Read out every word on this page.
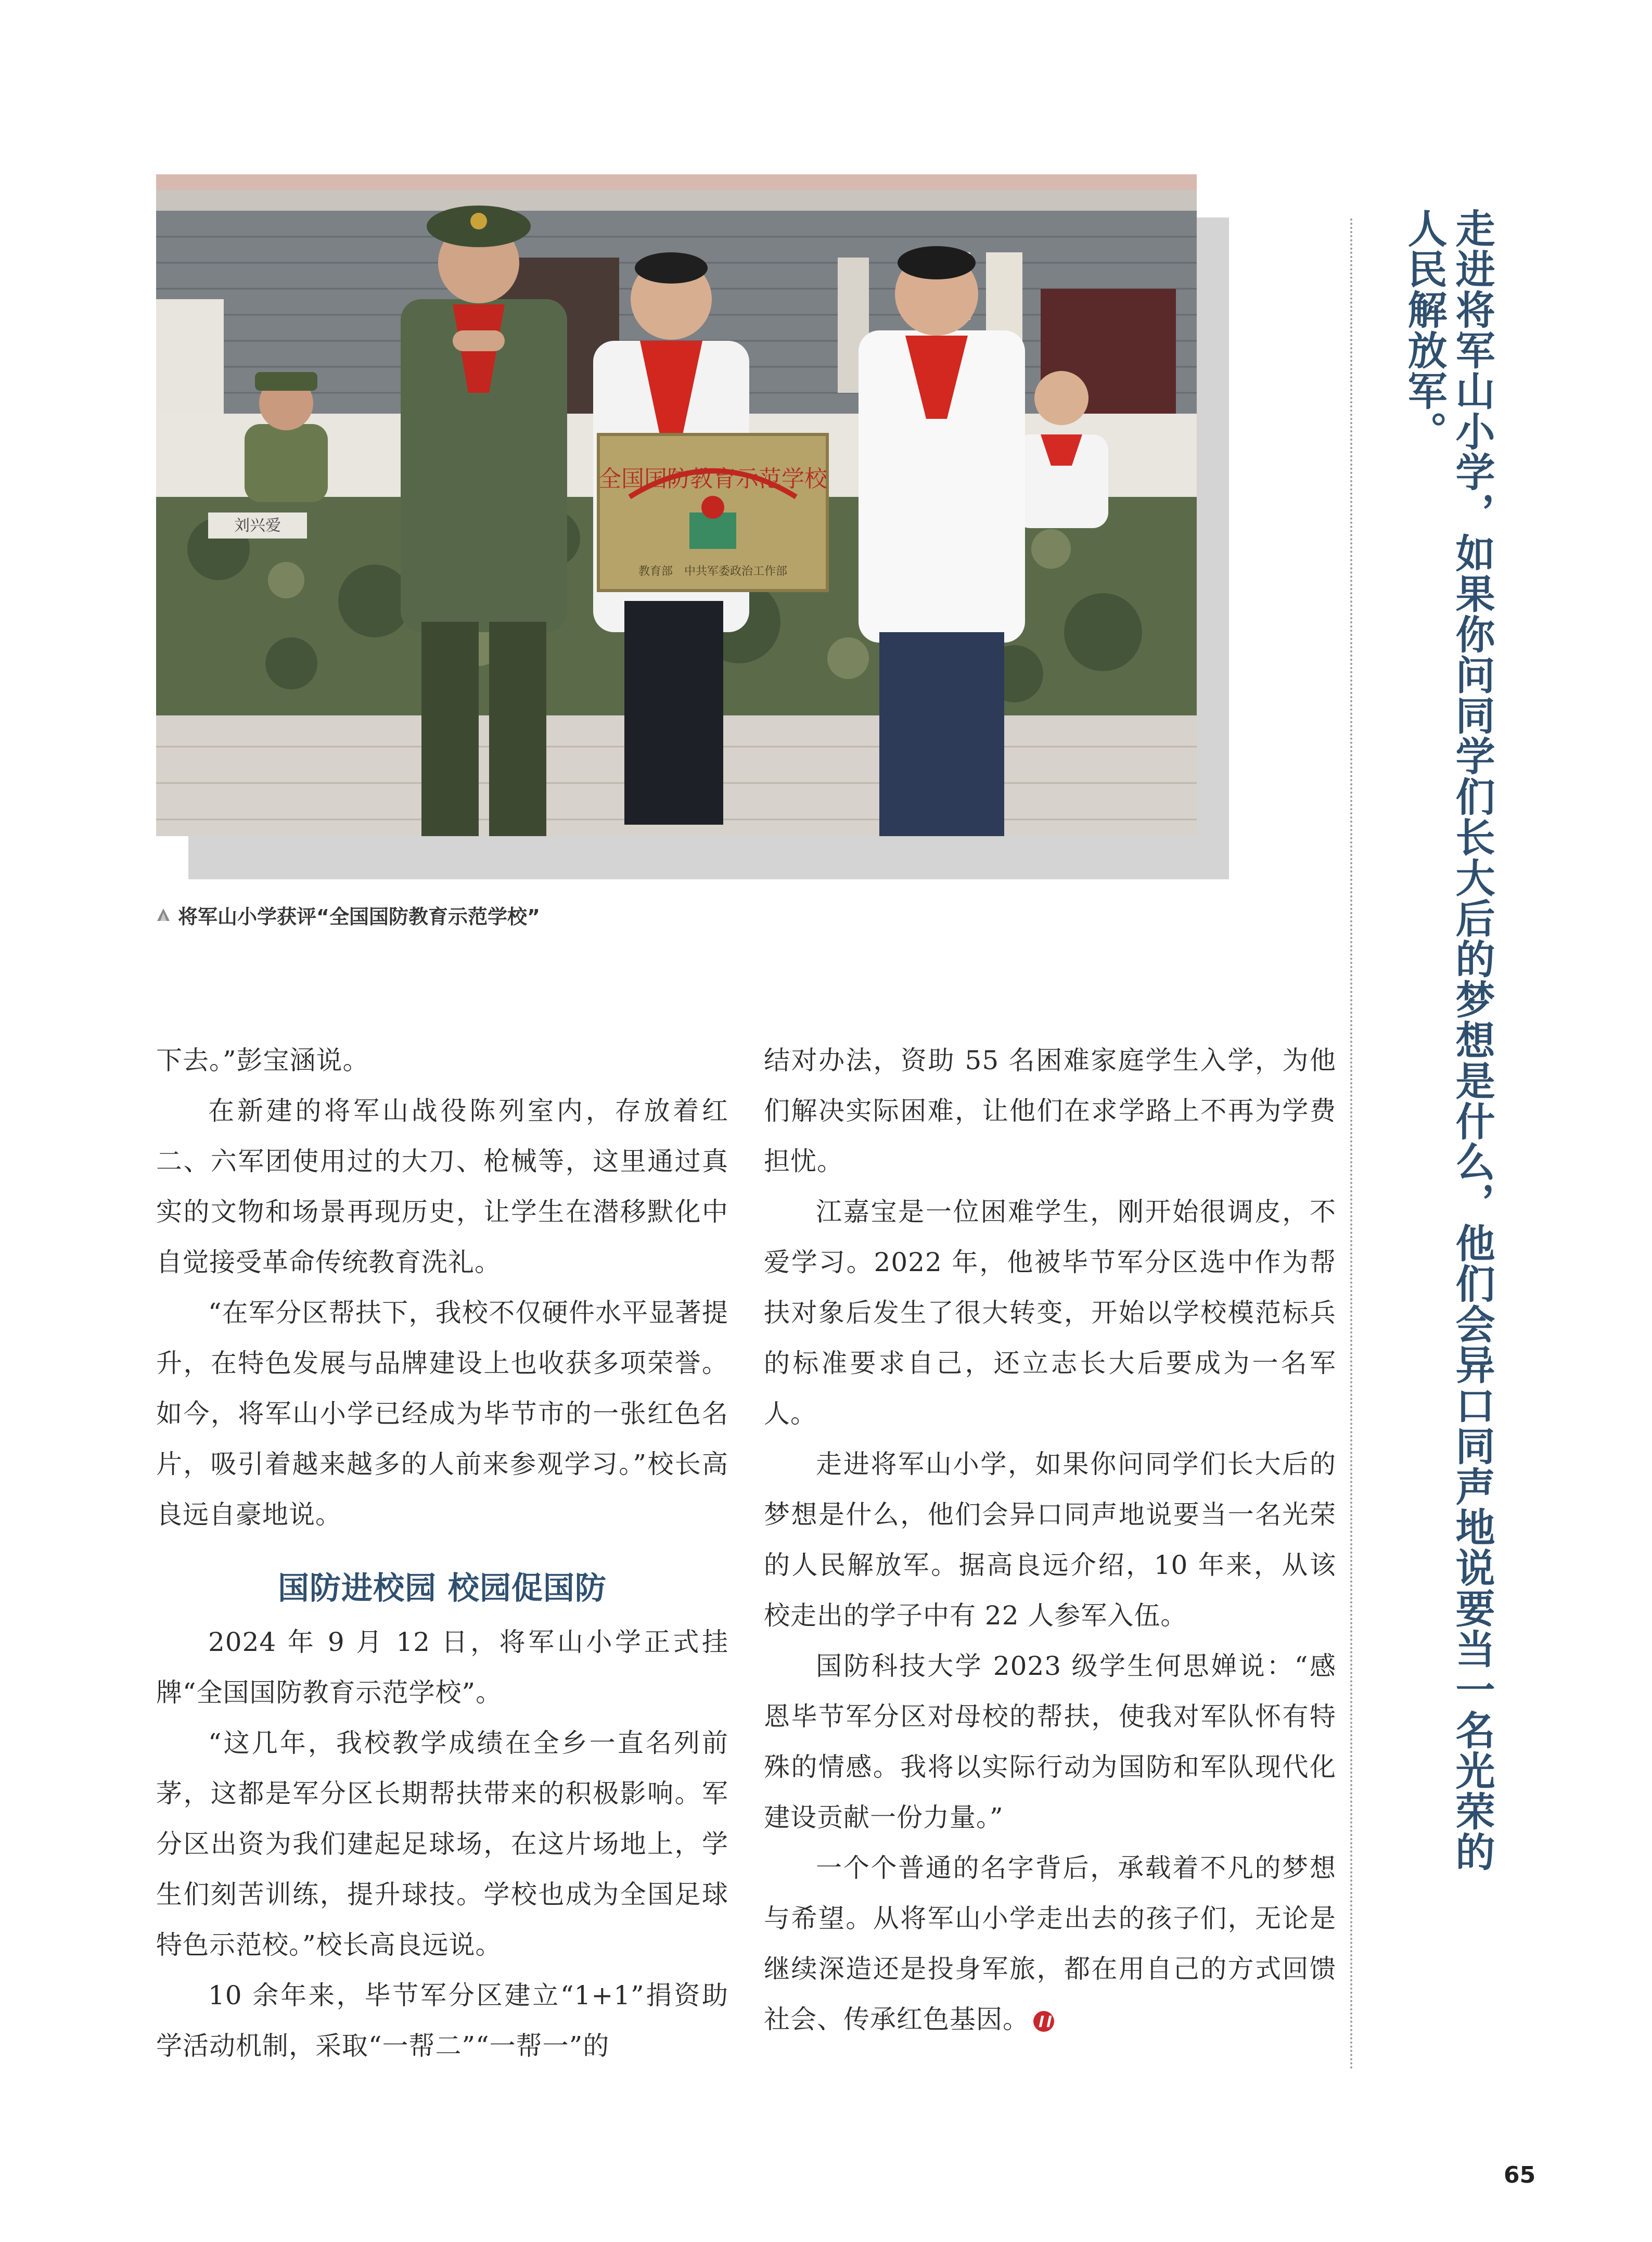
刘兴爱
全国国防教育示范学校
教育部　中共军委政治工作部
将军山小学获评“全国国防教育示范学校”

下去。”彭宝涵说。

在新建的将军山战役陈列室内，存放着红二、六军团使用过的大刀、枪械等，这里通过真实的文物和场景再现历史，让学生在潜移默化中自觉接受革命传统教育洗礼。

“在军分区帮扶下，我校不仅硬件水平显著提升，在特色发展与品牌建设上也收获多项荣誉。如今，将军山小学已经成为毕节市的一张红色名片，吸引着越来越多的人前来参观学习。”校长高良远自豪地说。

国防进校园 校园促国防

2024 年 9 月 12 日，将军山小学正式挂牌“全国国防教育示范学校”。

“这几年，我校教学成绩在全乡一直名列前茅，这都是军分区长期帮扶带来的积极影响。军分区出资为我们建起足球场，在这片场地上，学生们刻苦训练，提升球技。学校也成为全国足球特色示范校。”校长高良远说。

10 余年来，毕节军分区建立“1+1”捐资助学活动机制，采取“一帮二”“一帮一”的

结对办法，资助 55 名困难家庭学生入学，为他们解决实际困难，让他们在求学路上不再为学费担忧。

江嘉宝是一位困难学生，刚开始很调皮，不爱学习。2022 年，他被毕节军分区选中作为帮扶对象后发生了很大转变，开始以学校模范标兵的标准要求自己，还立志长大后要成为一名军人。

走进将军山小学，如果你问同学们长大后的梦想是什么，他们会异口同声地说要当一名光荣的人民解放军。据高良远介绍，10 年来，从该校走出的学子中有 22 人参军入伍。

国防科技大学 2023 级学生何思婵说：“感恩毕节军分区对母校的帮扶，使我对军队怀有特殊的情感。我将以实际行动为国防和军队现代化建设贡献一份力量。”

一个个普通的名字背后，承载着不凡的梦想与希望。从将军山小学走出去的孩子们，无论是继续深造还是投身军旅，都在用自己的方式回馈社会、传承红色基因。

走进将军山小学，如果你问同学们长大后的梦想是什么，他们会异口同声地说要当一名光荣的人民解放军。
65
